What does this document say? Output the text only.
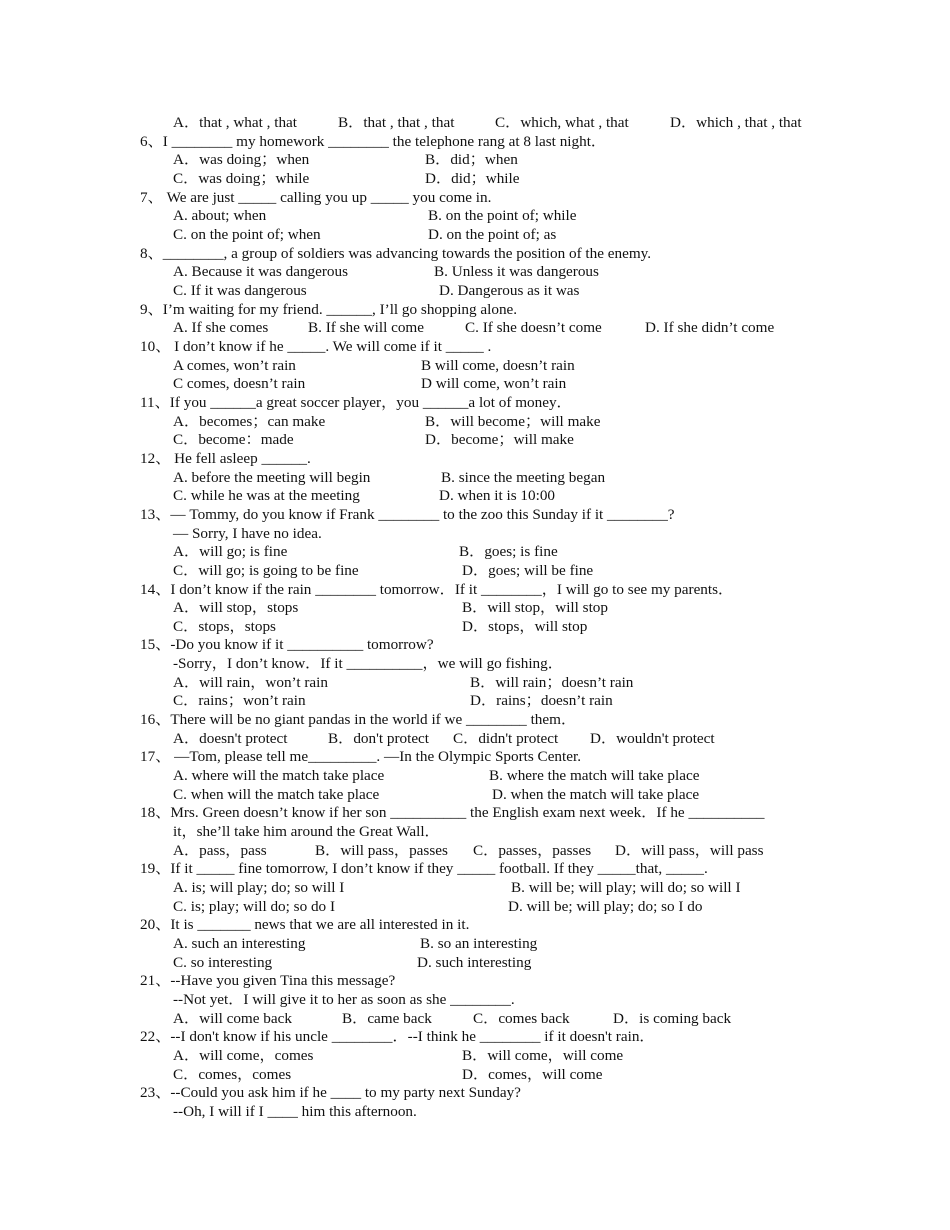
A．that , what , that	B．that , that , that	C．which, what , that	D．which , that , that
6、I ________ my homework ________ the telephone rang at 8 last night．
A．was doing；when	B．did；when
C．was doing；while	D．did；while
7、 We are just _____ calling you up _____ you come in.
A. about; when	B. on the point of; while
C. on the point of; when	D. on the point of; as
8、________, a group of soldiers was advancing towards the position of the enemy.
A. Because it was dangerous	B. Unless it was dangerous
C. If it was dangerous	D. Dangerous as it was
9、I’m waiting for my friend. ______, I’ll go shopping alone.
A. If she comes	B. If she will come	C. If she doesn’t come	D. If she didn’t come
10、 I don’t know if he _____. We will come if it _____ .
A comes, won’t rain	B will come, doesn’t rain
C comes, doesn’t rain	D will come, won’t rain
11、If you ______a great soccer player，you ______a lot of money．
A．becomes；can make	B．will become；will make
C．become：made	D．become；will make
12、 He fell asleep ______.
A. before the meeting will begin	B. since the meeting began
C. while he was at the meeting	D. when it is 10:00
13、— Tommy, do you know if Frank ________ to the zoo this Sunday if it ________?
— Sorry, I have no idea.
A．will go; is fine	B．goes; is fine
C．will go; is going to be fine	D．goes; will be fine
14、I don’t know if the rain ________ tomorrow．If it ________，I will go to see my parents．
A．will stop，stops	B．will stop，will stop
C．stops，stops	D．stops，will stop
15、-Do you know if it __________ tomorrow?
-Sorry，I don’t know．If it __________，we will go fishing．
A．will rain，won’t rain	B．will rain；doesn’t rain
C．rains；won’t rain	D．rains；doesn’t rain
16、There will be no giant pandas in the world if we ________ them．
A．doesn't protect	B．don't protect C．didn't protect D．wouldn't protect
17、 —Tom, please tell me_________. —In the Olympic Sports Center.
A. where will the match take place	B. where the match will take place
C. when will the match take place	D. when the match will take place
18、Mrs. Green doesn’t know if her son __________ the English exam next week．If he __________
it，she’ll take him around the Great Wall．
A．pass，pass	B．will pass，passes C．passes，passes D．will pass，will pass
19、If it _____ fine tomorrow, I don’t know if they _____ football. If they _____that, _____.
A. is; will play; do; so will I	B. will be; will play; will do; so will I
C. is; play; will do; so do I	D. will be; will play; do; so I do
20、It is _______ news that we are all interested in it.
A. such an interesting	B. so an interesting
C. so interesting	D. such interesting
21、--Have you given Tina this message?
--Not yet．I will give it to her as soon as she ________.
A．will come back	B．came back	C．comes back	D．is coming back
22、--I don't know if his uncle ________．--I think he ________ if it doesn't rain．
A．will come，comes	B．will come，will come
C．comes，comes	D．comes，will come
23、--Could you ask him if he ____ to my party next Sunday?
--Oh, I will if I ____ him this afternoon.
